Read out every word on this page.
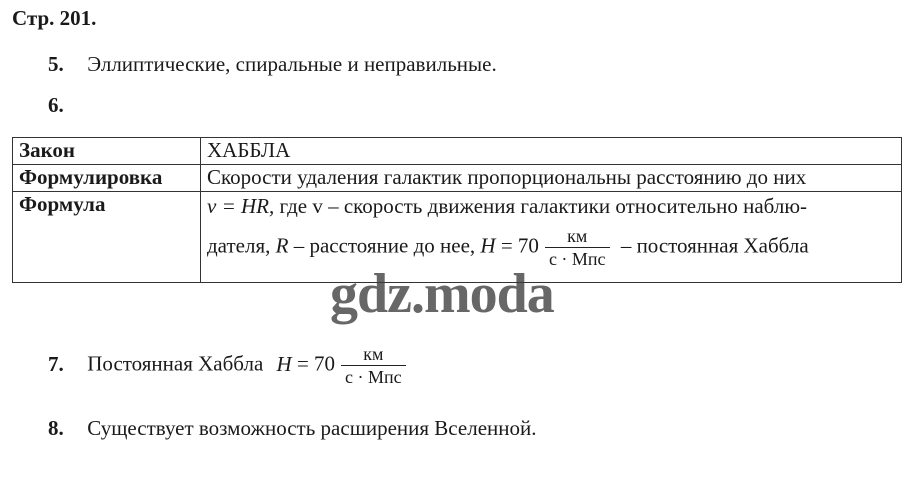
Стр. 201.
5. Эллиптические, спиральные и неправильные.
6.
Закон	ХАББЛА
Формулировка	Скорости удаления галактик пропорциональны расстоянию до них
Формула	v = HR, где v – скорость движения галактики относительно наблю-
дателя, R – расстояние до нее, $H = 70 \frac{км}{\text{с · Мпс}}$ – постоянная Хаббла
gdz.moda
7. Постоянная Хаббла $H = 70 \frac{км}{\text{с · Мпс}}$
8. Существует возможность расширения Вселенной.
